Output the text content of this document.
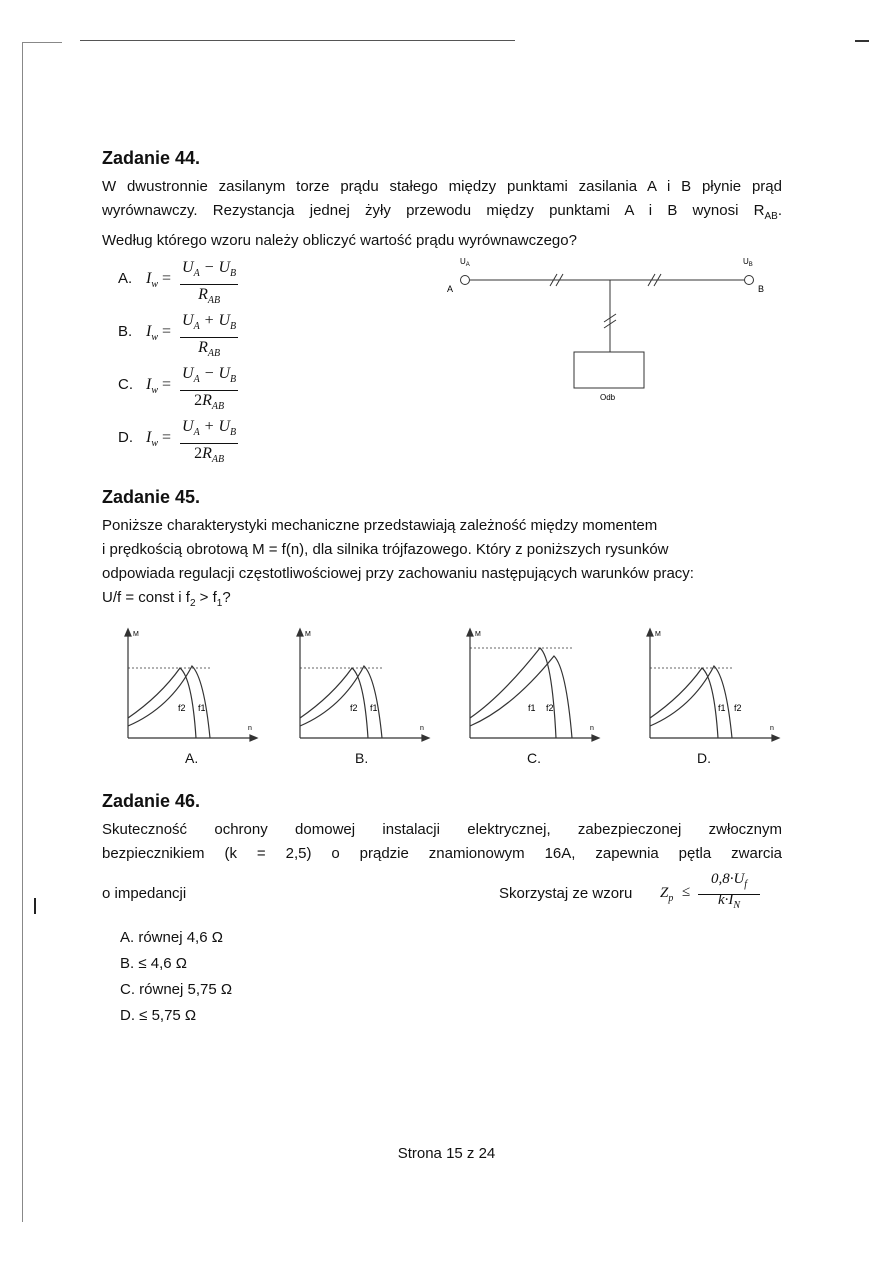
Zadanie 44.
W dwustronnie zasilanym torze prądu stałego między punktami zasilania A i B płynie prąd
wyrównawczy. Rezystancja jednej żyły przewodu między punktami A i B wynosi $R_{AB}$.
Według którego wzoru należy obliczyć wartość prądu wyrównawczego?
A. $I_w$ =
$U_A - U_B$
$R_{AB}$
B. $I_w$ =
$U_A + U_B$
$R_{AB}$
C. $I_w$ =
$U_A - U_B$
$2R_{AB}$
D. $I_w$ =
$U_A + U_B$
$2R_{AB}$
$U_A$	$U_B$
A	B
Odb
Zadanie 45.
Poniższe charakterystyki mechaniczne przedstawiają zależność między momentem
i prędkością obrotową M = f(n), dla silnika trójfazowego. Który z poniższych rysunków
odpowiada regulacji częstotliwościowej przy zachowaniu następujących warunków pracy:
U/f = const i $f_2 > f_1$?
M
n
f2 f1
A.
M
n
f2 f1
B.
M
n
f1 f2
C.
M
n
f1 f2
D.
Zadanie 46.
Skuteczność ochrony domowej instalacji elektrycznej, zabezpieczonej zwłocznym
bezpiecznikiem (k = 2,5) o prądzie znamionowym 16A, zapewnia pętla zwarcia
o impedancji	Skorzystaj ze wzoru $Z_p$ ≤
$0,8\cdot U_f$
$k\cdot I_N$
A. równej 4,6 Ω
B. ≤ 4,6 Ω
C. równej 5,75 Ω
D. ≤ 5,75 Ω
Strona 15 z 24
